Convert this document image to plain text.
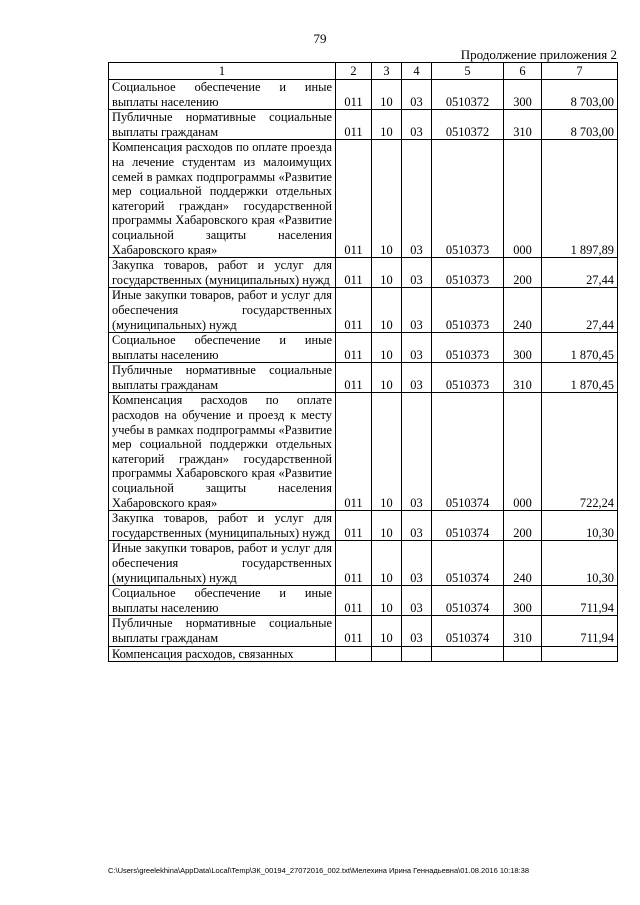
79
Продолжение приложения 2
1	2	3	4	5	6	7
Социальное обеспечение и иные выплаты населению	011	10	03	0510372	300	8 703,00
Публичные нормативные социальные выплаты гражданам	011	10	03	0510372	310	8 703,00
Компенсация расходов по оплате проезда на лечение студентам из малоимущих семей в рамках подпрограммы «Развитие мер социальной поддержки отдельных категорий граждан» государственной программы Хабаровского края «Развитие социальной защиты населения Хабаровского края»	011	10	03	0510373	000	1 897,89
Закупка товаров, работ и услуг для государственных (муниципальных) нужд	011	10	03	0510373	200	27,44
Иные закупки товаров, работ и услуг для обеспечения государственных (муниципальных) нужд	011	10	03	0510373	240	27,44
Социальное обеспечение и иные выплаты населению	011	10	03	0510373	300	1 870,45
Публичные нормативные социальные выплаты гражданам	011	10	03	0510373	310	1 870,45
Компенсация расходов по оплате расходов на обучение и проезд к месту учебы в рамках подпрограммы «Развитие мер социальной поддержки отдельных категорий граждан» государственной программы Хабаровского края «Развитие социальной защиты населения Хабаровского края»	011	10	03	0510374	000	722,24
Закупка товаров, работ и услуг для государственных (муниципальных) нужд	011	10	03	0510374	200	10,30
Иные закупки товаров, работ и услуг для обеспечения государственных (муниципальных) нужд	011	10	03	0510374	240	10,30
Социальное обеспечение и иные выплаты населению	011	10	03	0510374	300	711,94
Публичные нормативные социальные выплаты гражданам	011	10	03	0510374	310	711,94
Компенсация расходов, связанных						
C:\Users\greelekhina\AppData\Local\Temp\ЗК_00194_27072016_002.txt\Мелехина Ирина Геннадьевна\01.08.2016 10:18:38
